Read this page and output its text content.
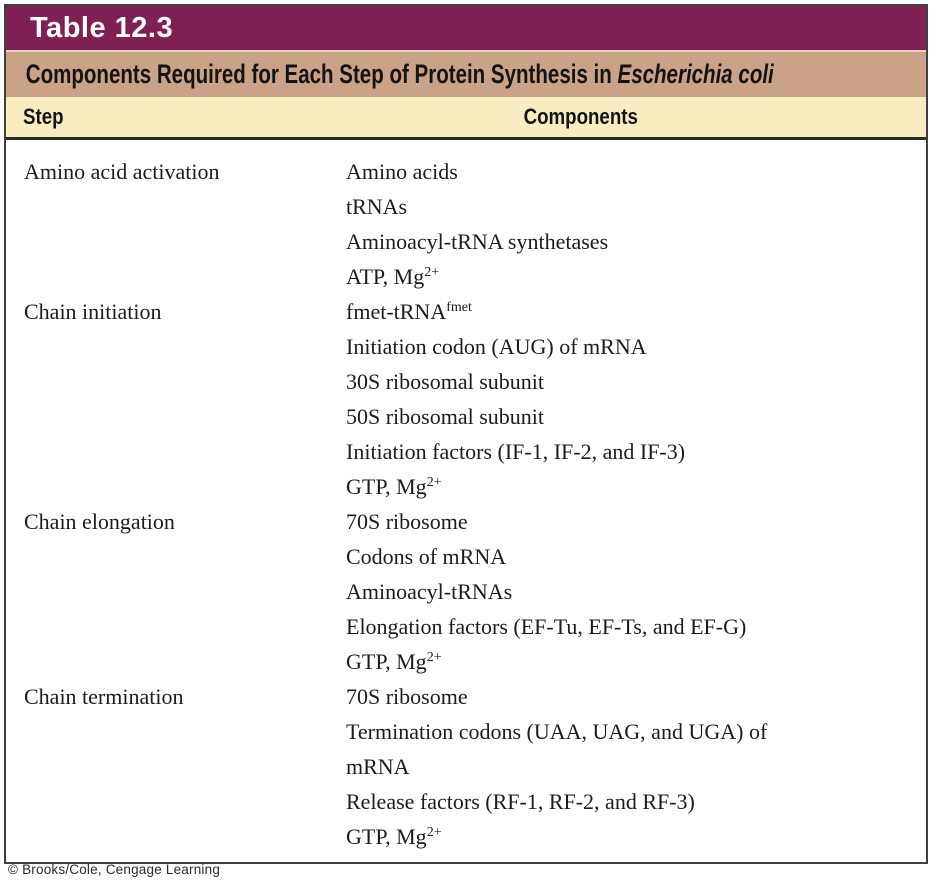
Table 12.3
Components Required for Each Step of Protein Synthesis in Escherichia coli
Step	Components
Amino acid activation	Amino acids
tRNAs
Aminoacyl-tRNA synthetases
ATP, $Mg^{2+}$
Chain initiation	fmet-tRNA$^{fmet}$
Initiation codon (AUG) of mRNA
30S ribosomal subunit
50S ribosomal subunit
Initiation factors (IF-1, IF-2, and IF-3)
GTP, $Mg^{2+}$
Chain elongation	70S ribosome
Codons of mRNA
Aminoacyl-tRNAs
Elongation factors (EF-Tu, EF-Ts, and EF-G)
GTP, $Mg^{2+}$
Chain termination	70S ribosome
Termination codons (UAA, UAG, and UGA) of
mRNA
Release factors (RF-1, RF-2, and RF-3)
GTP, $Mg^{2+}$
© Brooks/Cole, Cengage Learning
